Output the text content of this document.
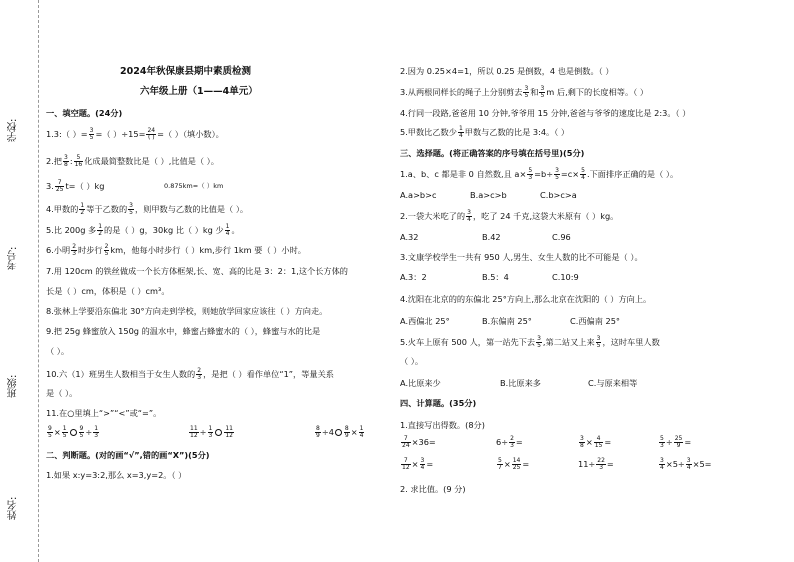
学校:
考号:
班级:
姓名:
2024年秋保康县期中素质检测
六年级上册（1——4单元）
一、填空题。(24分)
1.3:（ ）= $\frac{3}{5}$ =（ ）$\div 15= \frac{24}{( )}$ =（ ）（填小数）。
2.把 $\frac{3}{8}$ : $\frac{5}{16}$ 化成最简整数比是（ ）,比值是（ ）。
3. $\frac{7}{25} t=$（ ）kg	0.875km=（ ）km
4.甲数的 $\frac{1}{2}$ 等于乙数的 $\frac{3}{5}$ ，则甲数与乙数的比值是（ ）。
5.比 200g 多 $\frac{1}{2}$ 的是（ ）g，30kg 比（ ）kg 少 $\frac{1}{4}$ 。
6.小明 $\frac{2}{3}$ 时步行 $\frac{2}{5}$ km，他每小时步行（ ）km,步行 1km 要（ ）小时。
7.用 120cm 的铁丝做成一个长方体框架,长、宽、高的比是 3：2：1,这个长方体的
长是（ ）cm，体积是（ ）cm³。
8.张林上学要沿东偏北 30°方向走到学校，则她放学回家应该往（ ）方向走。
9.把 25g 蜂蜜放入 150g 的温水中，蜂蜜占蜂蜜水的（ ），蜂蜜与水的比是
（ ）。
10.六（1）班男生人数相当于女生人数的 $\frac{2}{3}$ ，是把（ ）看作单位“1”，等量关系
是（ ）。
11.在○里填上“>”“<”或“=”。
$\frac{9}{5} \times \frac{1}{5} \frac{9}{5} \div \frac{1}{3}$	$\frac{11}{12} \div \frac{1}{3} \frac{11}{12}$	$\frac{8}{9} \div 4 \frac{8}{9} \times \frac{1}{4}$
二、判断题。(对的画“√”,错的画“X”)(5分)
1.如果 x:y=3:2,那么 x=3,y=2。（ ）
2.因为 0.25×4=1，所以 0.25 是倒数，4 也是倒数。（ ）
3.从两根同样长的绳子上分别剪去 $\frac{3}{5}$ 和 $\frac{3}{5}$ m 后,剩下的长度相等。（ ）
4.行同一段路,爸爸用 10 分钟,爷爷用 15 分钟,爸爸与爷爷的速度比是 2:3。（ ）
5.甲数比乙数少 $\frac{1}{4}$ 甲数与乙数的比是 3:4。（ ）
三、选择题。(将正确答案的序号填在括号里)(5分)
1.a、b、c 都是非 0 自然数,且 $a\times \frac{5}{3} =b\div \frac{3}{5} =c\times \frac{5}{4}$ .下面排序正确的是（ ）。
A.a>b>c	B.a>c>b	C.b>c>a
2.一袋大米吃了的 $\frac{3}{4}$ ，吃了 24 千克,这袋大米原有（ ）kg。
A.32	B.42	C.96
3.文康学校学生一共有 950 人,男生、女生人数的比不可能是（ ）。
A.3：2	B.5：4	C.10:9
4.沈阳在北京的的东偏北 25°方向上,那么北京在沈阳的（ ）方向上。
A.西偏北 25°	B.东偏南 25°	C.西偏南 25°
5.火车上原有 500 人，第一站先下去 $\frac{3}{5}$ ,第二站又上来 $\frac{3}{5}$ ，这时车里人数
（ ）。
A.比原来少	B.比原来多	C.与原来相等
四、计算题。(35分)
1.直接写出得数。(8分)
$\frac{7}{24} \times 36=$	$6\div \frac{2}{3}$ =	$\frac{3}{8} \times \frac{4}{15}$ =	$\frac{5}{3} \div \frac{25}{9}$ =
$\frac{7}{12} \times \frac{3}{4}$ =	$\frac{5}{7} \times \frac{14}{25}$ =	$11\div \frac{22}{3}$ =	$\frac{3}{4} \times 5\div \frac{3}{4} \times 5=$
2. 求比值。(9 分)
